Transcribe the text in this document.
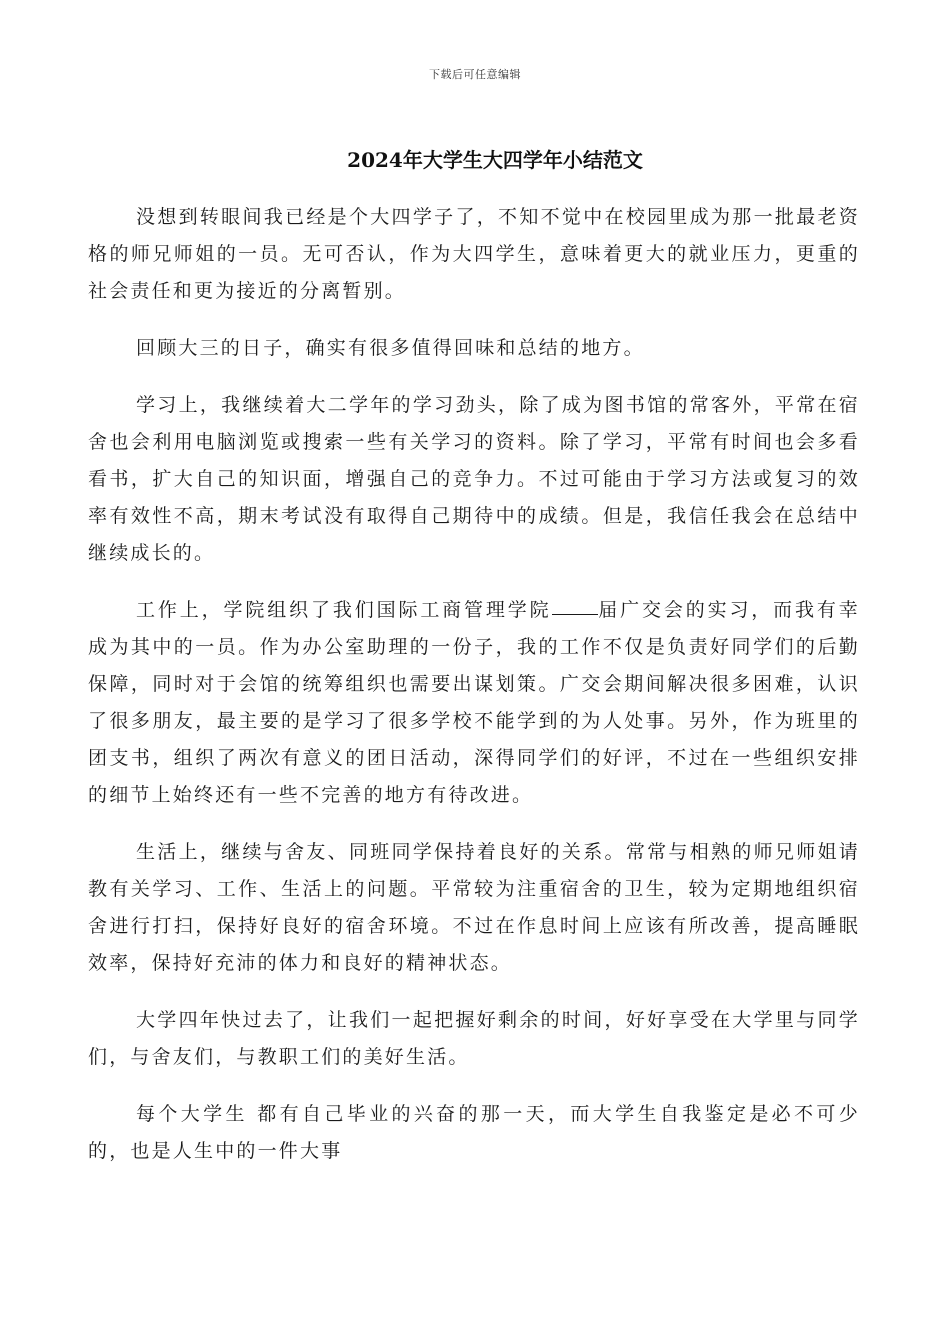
下载后可任意编辑
2024年大学生大四学年小结范文

没想到转眼间我已经是个大四学子了，不知不觉中在校园里成为那一批最老资格的师兄师姐的一员。无可否认，作为大四学生，意味着更大的就业压力，更重的社会责任和更为接近的分离暂别。

回顾大三的日子，确实有很多值得回味和总结的地方。

学习上，我继续着大二学年的学习劲头，除了成为图书馆的常客外，平常在宿舍也会利用电脑浏览或搜索一些有关学习的资料。除了学习，平常有时间也会多看看书，扩大自己的知识面，增强自己的竞争力。不过可能由于学习方法或复习的效率有效性不高，期末考试没有取得自己期待中的成绩。但是，我信任我会在总结中继续成长的。

工作上，学院组织了我们国际工商管理学院 届广交会的实习，而我有幸成为其中的一员。作为办公室助理的一份子，我的工作不仅是负责好同学们的后勤保障，同时对于会馆的统筹组织也需要出谋划策。广交会期间解决很多困难，认识了很多朋友，最主要的是学习了很多学校不能学到的为人处事。另外，作为班里的团支书，组织了两次有意义的团日活动，深得同学们的好评，不过在一些组织安排的细节上始终还有一些不完善的地方有待改进。

生活上，继续与舍友、同班同学保持着良好的关系。常常与相熟的师兄师姐请教有关学习、工作、生活上的问题。平常较为注重宿舍的卫生，较为定期地组织宿舍进行打扫，保持好良好的宿舍环境。不过在作息时间上应该有所改善，提高睡眠效率，保持好充沛的体力和良好的精神状态。

大学四年快过去了，让我们一起把握好剩余的时间，好好享受在大学里与同学们，与舍友们，与教职工们的美好生活。

每个大学生 都有自己毕业的兴奋的那一天，而大学生自我鉴定是必不可少的，也是人生中的一件大事
